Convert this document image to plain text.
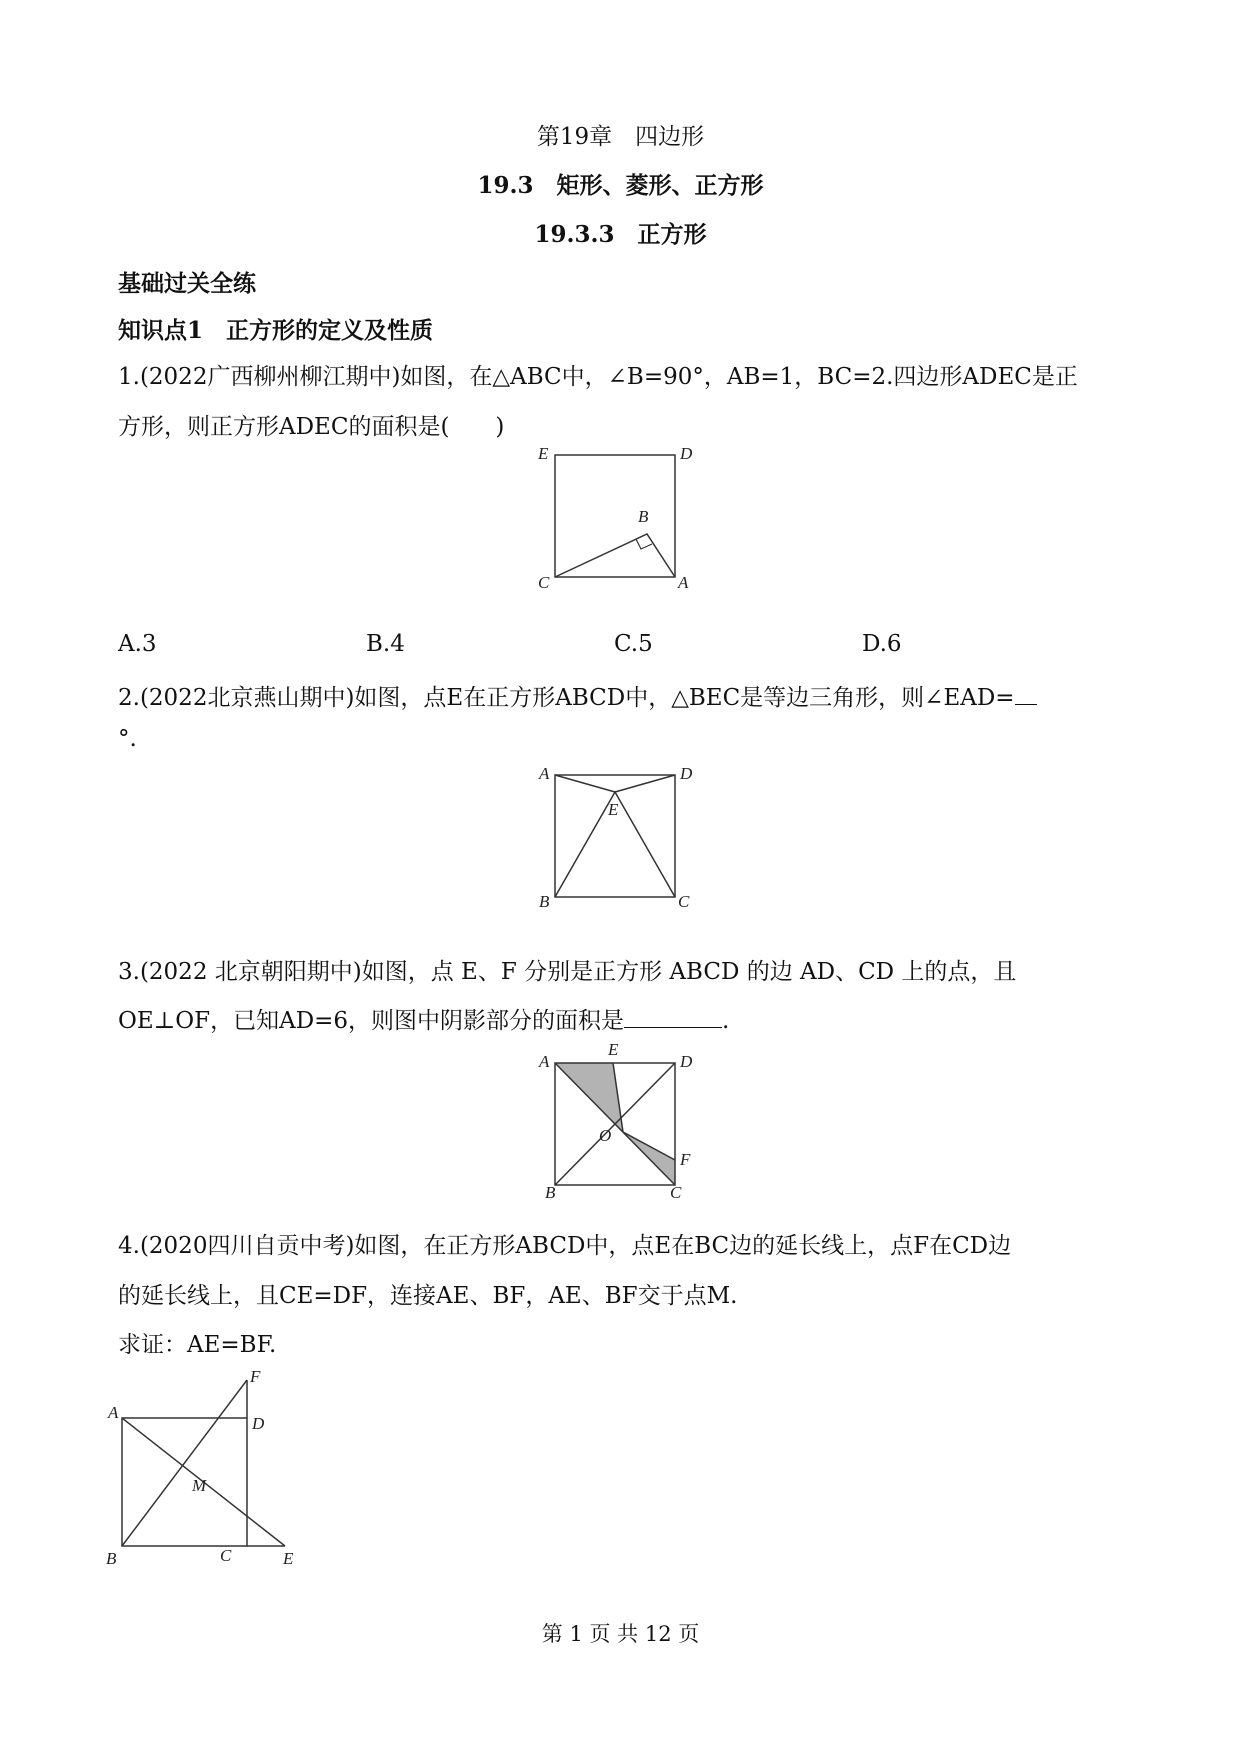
第19章　四边形
19.3　矩形、菱形、正方形
19.3.3　正方形
基础过关全练
知识点1　正方形的定义及性质
1.(2022广西柳州柳江期中)如图，在△ABC中，∠B=90°，AB=1，BC=2.四边形ADEC是正
方形，则正方形ADEC的面积是(　　)
E	D
B
C	A
A.3	B.4	C.5	D.6
2.(2022北京燕山期中)如图，点E在正方形ABCD中，△BEC是等边三角形，则∠EAD=
°.
A	D
E
B	C
3.(2022 北京朝阳期中)如图，点 E、F 分别是正方形 ABCD 的边 AD、CD 上的点，且
OE⊥OF，已知AD=6，则图中阴影部分的面积是	.
A
E
D
O
F
B	C
4.(2020四川自贡中考)如图，在正方形ABCD中，点E在BC边的延长线上，点F在CD边
的延长线上，且CE=DF，连接AE、BF，AE、BF交于点M.
求证：AE=BF.
F
A
D
M
B	C	E
第 1 页 共 12 页
